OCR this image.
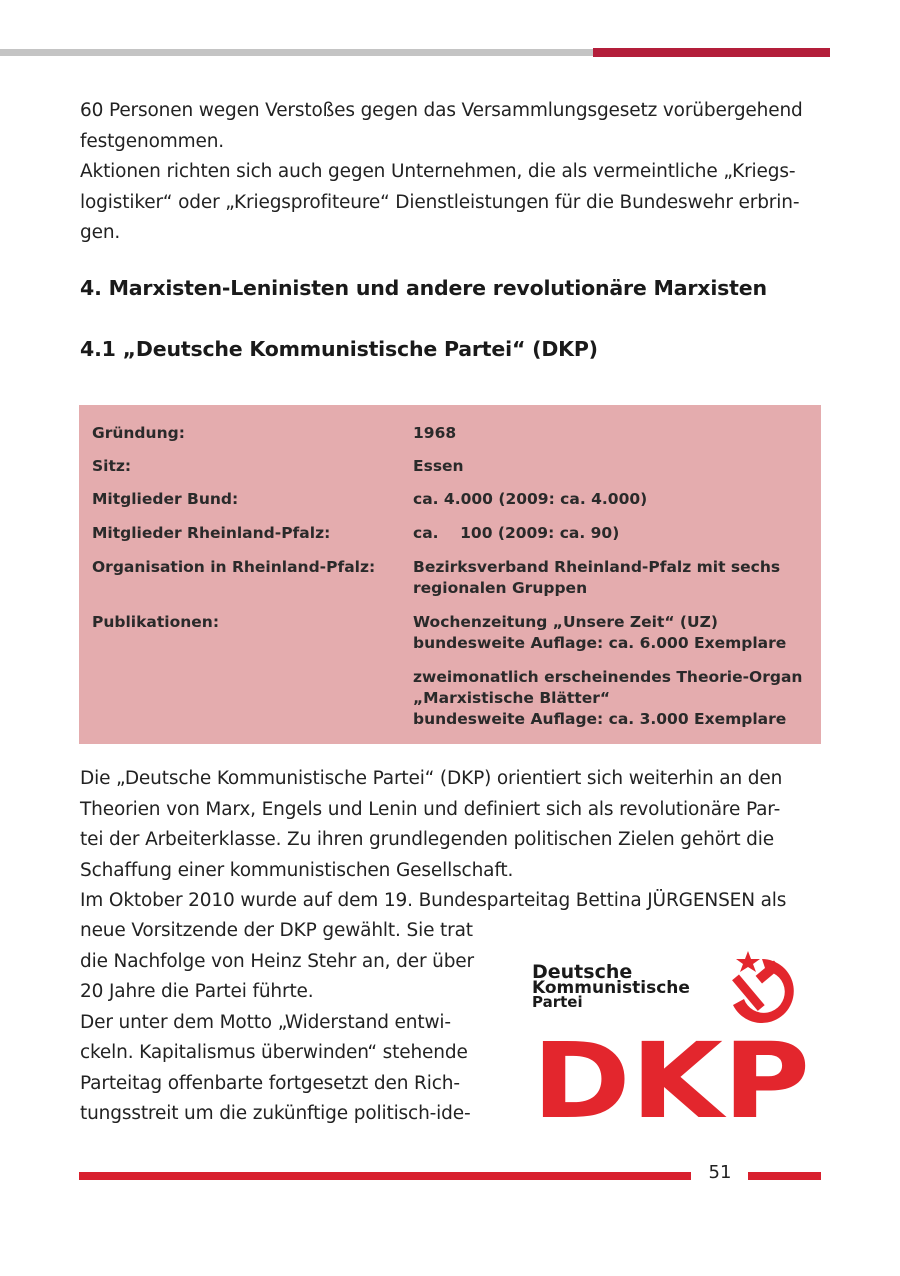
60 Personen wegen Verstoßes gegen das Versammlungsgesetz vorübergehend
festgenommen.
Aktionen richten sich auch gegen Unternehmen, die als vermeintliche „Kriegs-
logistiker“ oder „Kriegsprofiteure“ Dienstleistungen für die Bundeswehr erbrin-
gen.

4. Marxisten-Leninisten und andere revolutionäre Marxisten
4.1 „Deutsche Kommunistische Partei“ (DKP)
Gründung:	1968
Sitz:	Essen
Mitglieder Bund:	ca. 4.000 (2009: ca. 4.000)
Mitglieder Rheinland-Pfalz:	ca.    100 (2009: ca. 90)
Organisation in Rheinland-Pfalz: Bezirksverband Rheinland-Pfalz mit sechs
regionalen Gruppen
Publikationen:	Wochenzeitung „Unsere Zeit“ (UZ)
bundesweite Auflage: ca. 6.000 Exemplare
zweimonatlich erscheinendes Theorie-Organ
„Marxistische Blätter“
bundesweite Auflage: ca. 3.000 Exemplare

Die „Deutsche Kommunistische Partei“ (DKP) orientiert sich weiterhin an den
Theorien von Marx, Engels und Lenin und definiert sich als revolutionäre Par-
tei der Arbeiterklasse. Zu ihren grundlegenden politischen Zielen gehört die
Schaffung einer kommunistischen Gesellschaft.
Im Oktober 2010 wurde auf dem 19. Bundesparteitag Bettina JÜRGENSEN als

neue Vorsitzende der DKP gewählt. Sie trat
die Nachfolge von Heinz Stehr an, der über
20 Jahre die Partei führte.
Der unter dem Motto „Widerstand entwi-
ckeln. Kapitalismus überwinden“ stehende
Parteitag offenbarte fortgesetzt den Rich-
tungsstreit um die zukünftige politisch-ide-

Deutsche
Kommunistische
Partei
DKP
51
